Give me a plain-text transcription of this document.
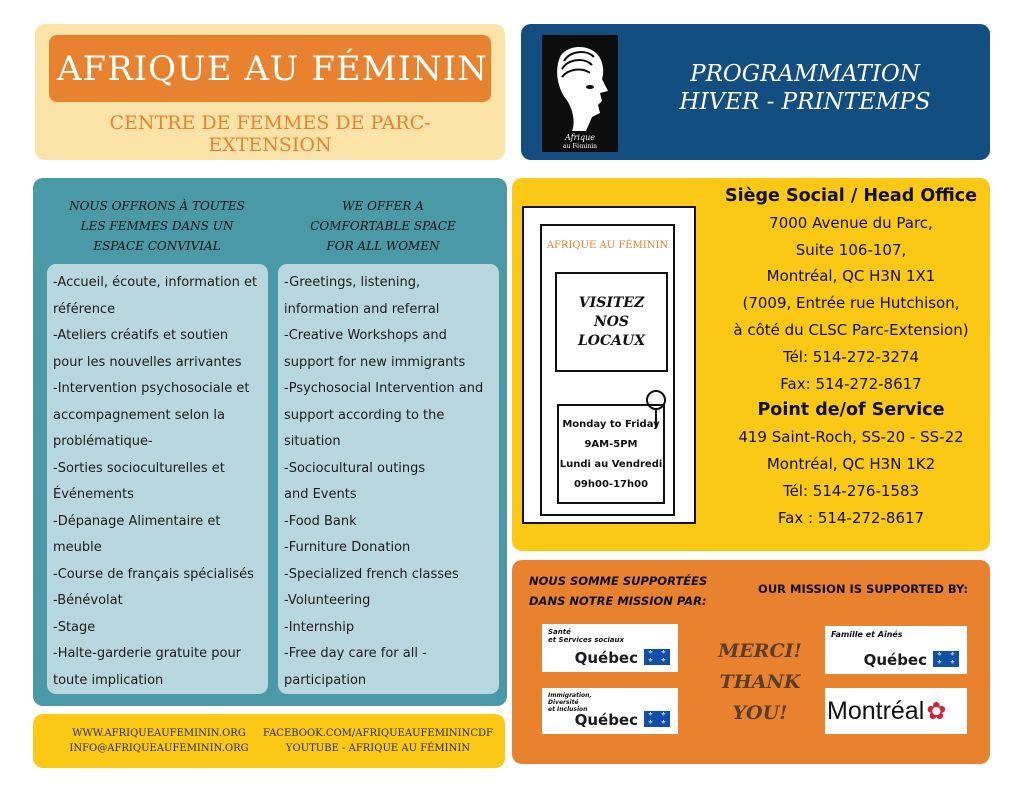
AFRIQUE AU FÉMININ
CENTRE DE FEMMES DE PARC-EXTENSION	Afrique
au Féminin
PROGRAMMATION
HIVER - PRINTEMPS
NOUS OFFRONS À TOUTES
LES FEMMES DANS UN
ESPACE CONVIVIAL
WE OFFER A
COMFORTABLE SPACE
FOR ALL WOMEN
-Accueil, écoute, information et
référence
-Ateliers créatifs et soutien
pour les nouvelles arrivantes
-Intervention psychosociale et
accompagnement selon la
problématique-
-Sorties socioculturelles et
Événements
-Dépanage Alimentaire et
meuble
-Course de français spécialisés
-Bénévolat
-Stage
-Halte-garderie gratuite pour
toute implication
-Greetings, listening,
information and referral
-Creative Workshops and
support for new immigrants
-Psychosocial Intervention and
support according to the
situation
-Sociocultural outings
and Events
-Food Bank
-Furniture Donation
-Specialized french classes
-Volunteering
-Internship
-Free day care for all -
participation
WWW.AFRIQUEAUFEMININ.ORG
INFO@AFRIQUEAUFEMININ.ORG
FACEBOOK.COM/AFRIQUEAUFEMININCDF
YOUTUBE - AFRIQUE AU FÉMININ
AFRIQUE AU FÉMININ
VISITEZ
NOS
LOCAUX
Monday to Friday
9AM-5PM
Lundi au Vendredi
09h00-17h00
Siège Social / Head Office
7000 Avenue du Parc,
Suite 106-107,
Montréal, QC H3N 1X1
(7009, Entrée rue Hutchison,
à côté du CLSC Parc-Extension)
Tél: 514-272-3274
Fax: 514-272-8617
Point de/of Service
419 Saint-Roch, SS-20 - SS-22
Montréal, QC H3N 1K2
Tél: 514-276-1583
Fax : 514-272-8617
NOUS SOMME SUPPORTÉES
DANS NOTRE MISSION PAR:
OUR MISSION IS SUPPORTED BY:
Santé
et Services sociaux
Québec	⚜	⚜
⚜	⚜
Immigration,
Diversité
et Inclusion
Québec	⚜	⚜
⚜	⚜
MERCI!
THANK
YOU!
Famille et Aînés
Québec	⚜	⚜
⚜	⚜
Montréal ✿
